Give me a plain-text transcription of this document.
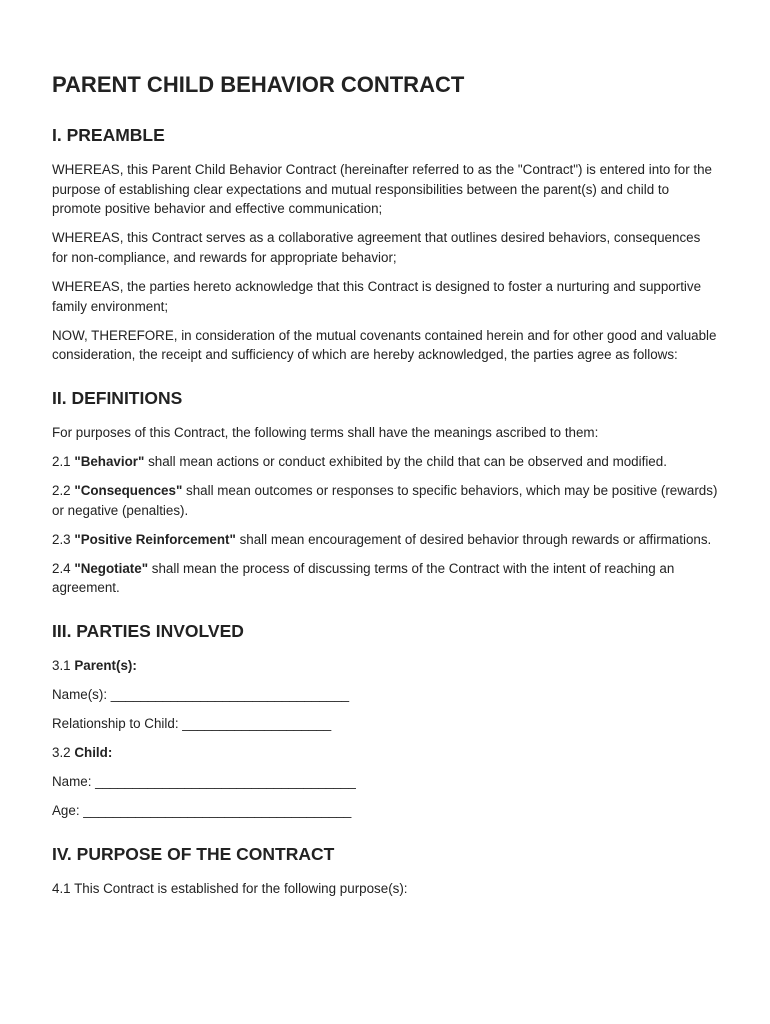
PARENT CHILD BEHAVIOR CONTRACT
I. PREAMBLE

WHEREAS, this Parent Child Behavior Contract (hereinafter referred to as the "Contract") is entered into for the purpose of establishing clear expectations and mutual responsibilities between the parent(s) and child to promote positive behavior and effective communication;

WHEREAS, this Contract serves as a collaborative agreement that outlines desired behaviors, consequences for non-compliance, and rewards for appropriate behavior;

WHEREAS, the parties hereto acknowledge that this Contract is designed to foster a nurturing and supportive family environment;

NOW, THEREFORE, in consideration of the mutual covenants contained herein and for other good and valuable consideration, the receipt and sufficiency of which are hereby acknowledged, the parties agree as follows:

II. DEFINITIONS

For purposes of this Contract, the following terms shall have the meanings ascribed to them:

2.1 "Behavior" shall mean actions or conduct exhibited by the child that can be observed and modified.

2.2 "Consequences" shall mean outcomes or responses to specific behaviors, which may be positive (rewards) or negative (penalties).

2.3 "Positive Reinforcement" shall mean encouragement of desired behavior through rewards or affirmations.

2.4 "Negotiate" shall mean the process of discussing terms of the Contract with the intent of reaching an agreement.

III. PARTIES INVOLVED

3.1 Parent(s):

Name(s): ________________________________

Relationship to Child: ____________________

3.2 Child:

Name: ___________________________________

Age: ____________________________________

IV. PURPOSE OF THE CONTRACT

4.1 This Contract is established for the following purpose(s):
